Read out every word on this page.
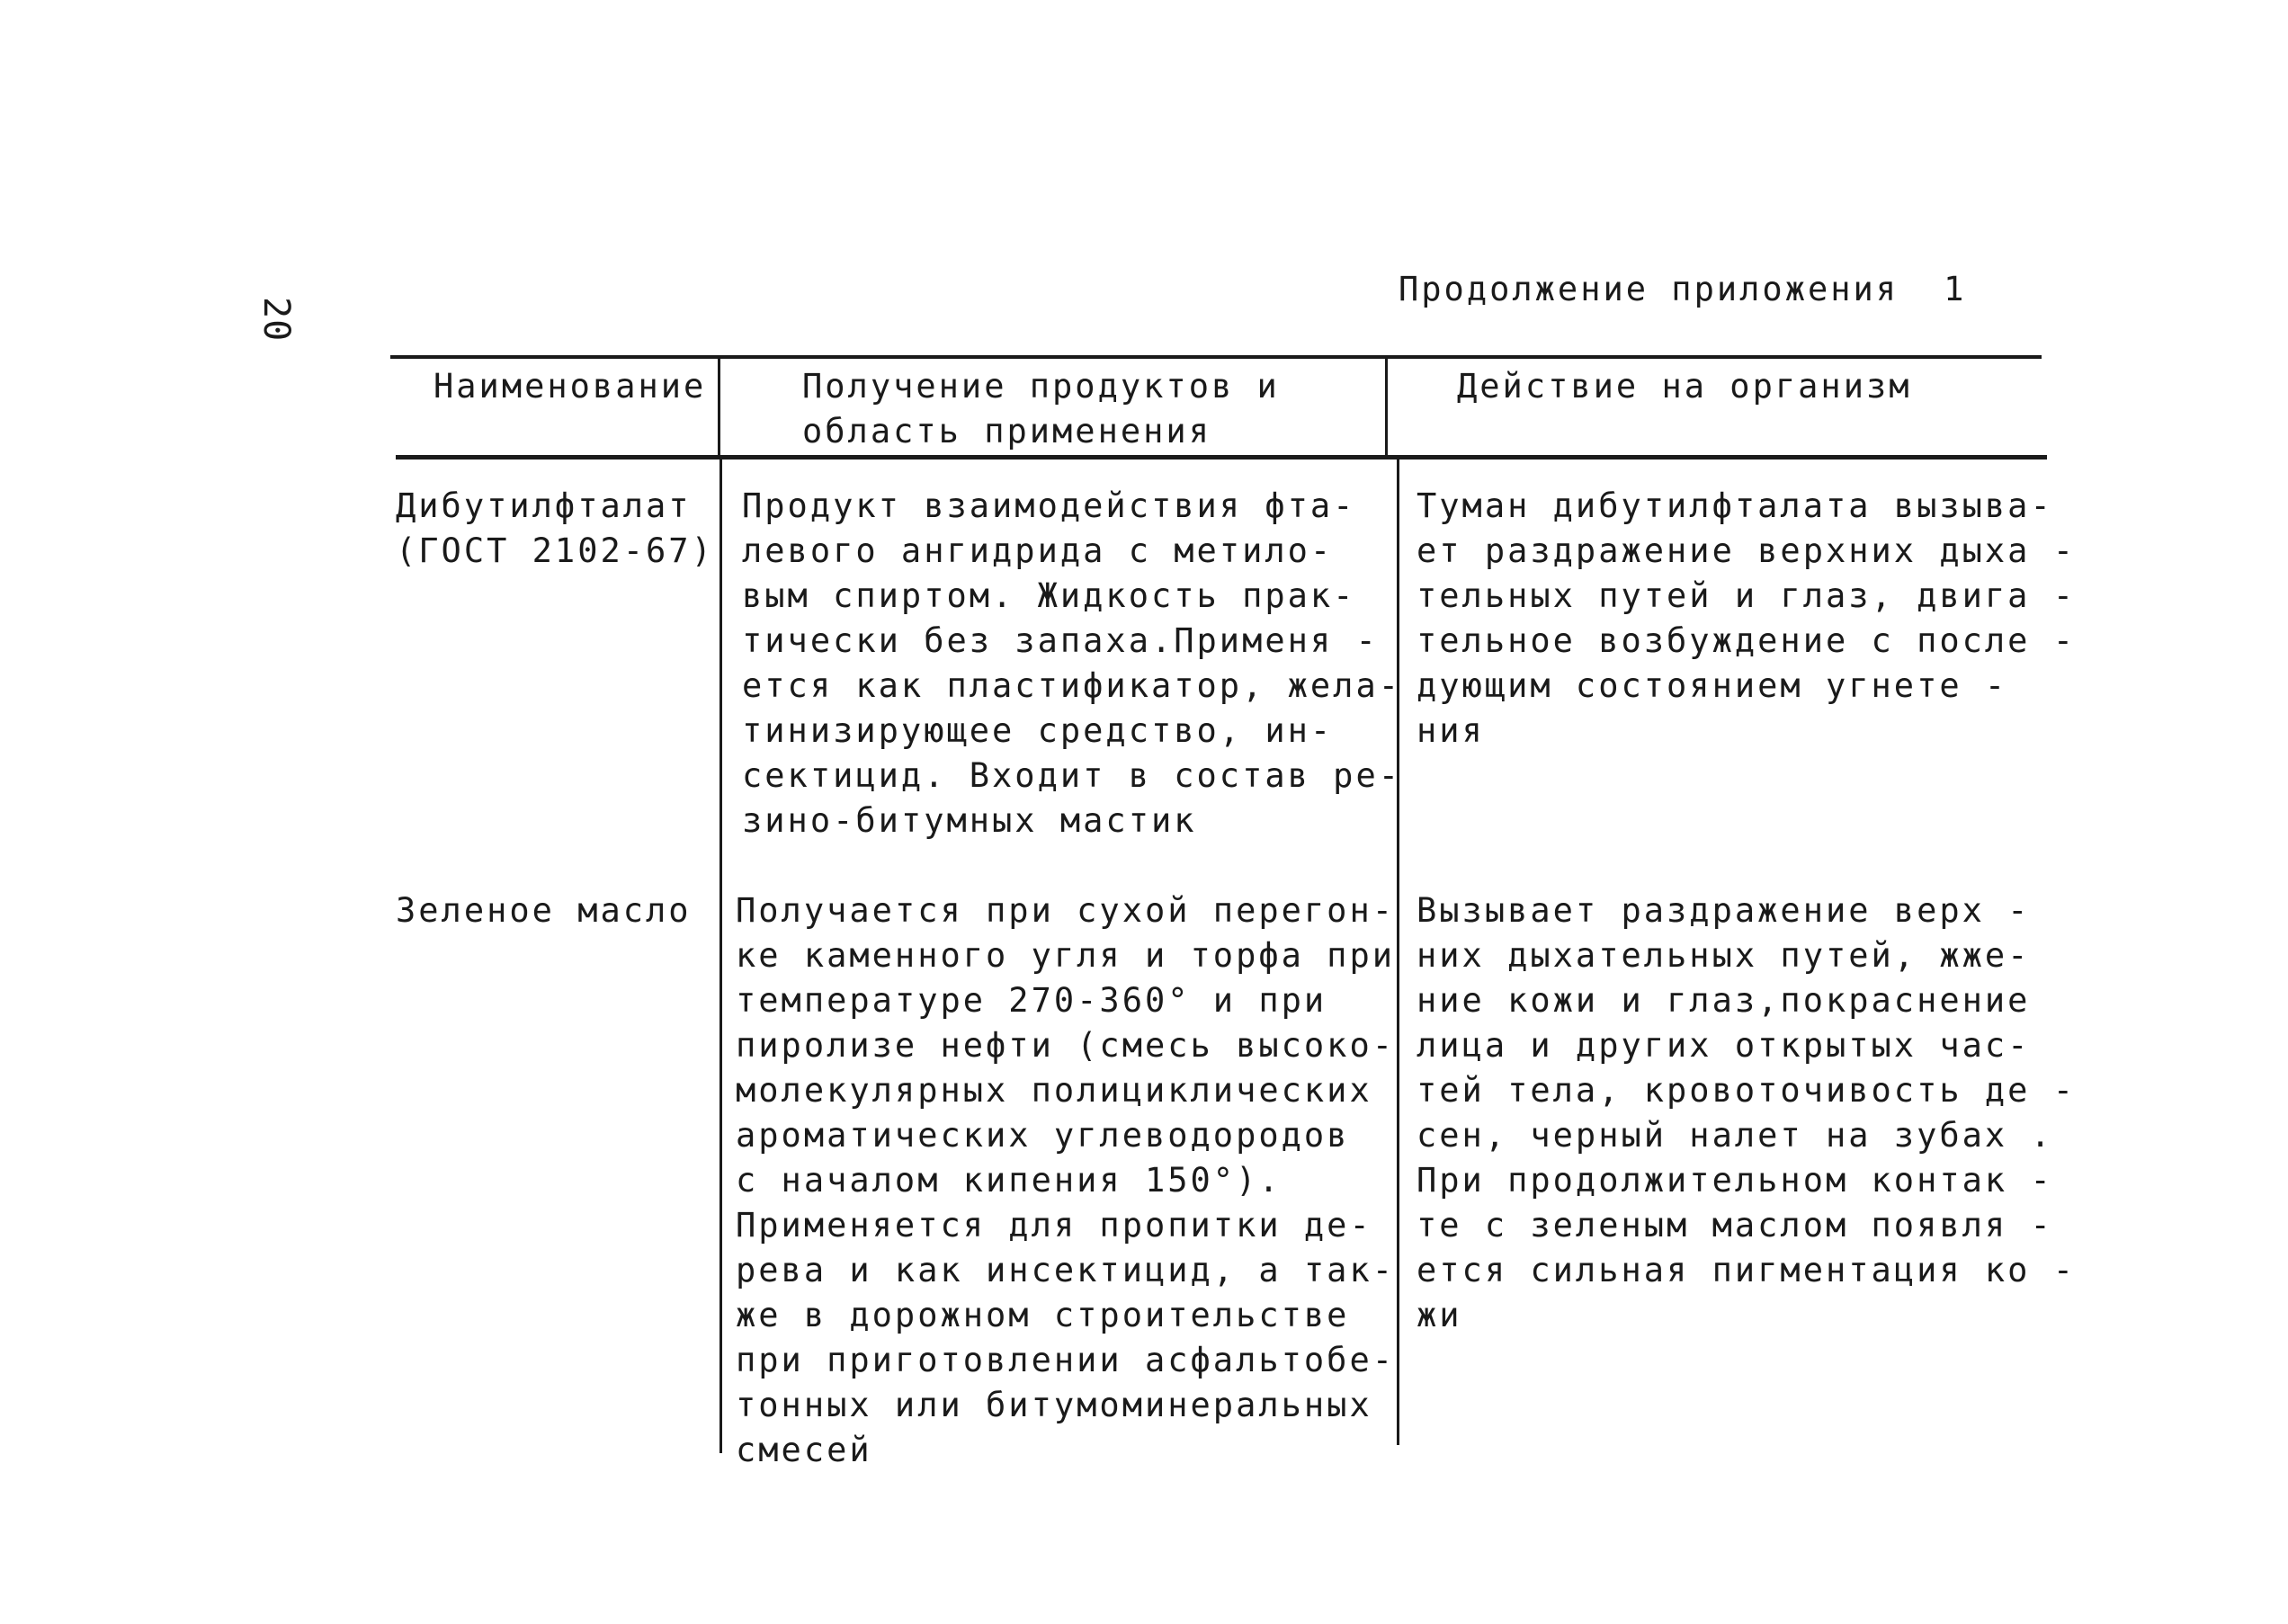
20
Продолжение приложения 1
Наименование	Получение продуктов и
область применения
Действие на организм
Дибутилфталат
(ГОСТ 2102-67)
Продукт взаимодействия фта-
левого ангидрида с метило-
вым спиртом. Жидкость прак-
тически без запаха.Применя -
ется как пластификатор, жела-
тинизирующее средство, ин-
сектицид. Входит в состав ре-
зино-битумных мастик
Туман дибутилфталата вызыва-
ет раздражение верхних дыха -
тельных путей и глаз, двига -
тельное возбуждение с после -
дующим состоянием угнете -
ния
Зеленое масло Получается при сухой перегон-
ке каменного угля и торфа при
температуре 270-360° и при
пиролизе нефти (смесь высоко-
молекулярных полициклических
ароматических углеводородов
с началом кипения 150°).
Применяется для пропитки де-
рева и как инсектицид, а так-
же в дорожном строительстве
при приготовлении асфальтобе-
тонных или битумоминеральных
смесей
Вызывает раздражение верх -
них дыхательных путей, жже-
ние кожи и глаз,покраснение
лица и других открытых час-
тей тела, кровоточивость де -
сен, черный налет на зубах .
При продолжительном контак -
те с зеленым маслом появля -
ется сильная пигментация ко -
жи
